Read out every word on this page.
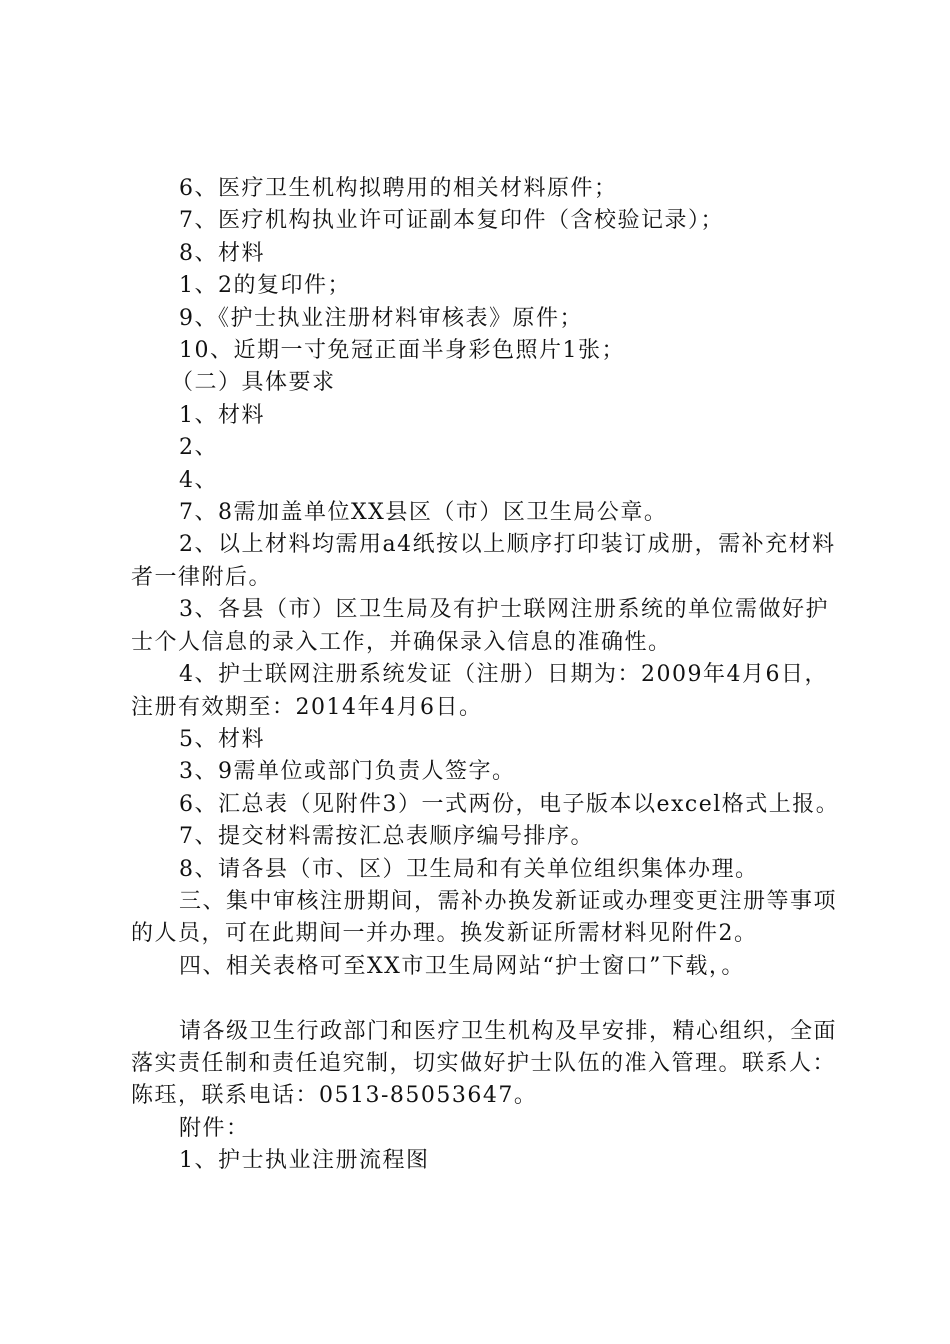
6、医疗卫生机构拟聘用的相关材料原件；

7、医疗机构执业许可证副本复印件（含校验记录）；

8、材料

1、2的复印件；

9、《护士执业注册材料审核表》原件；

10、近期一寸免冠正面半身彩色照片1张；

（二）具体要求

1、材料

2、

4、

7、8需加盖单位XX县区（市）区卫生局公章。

2、以上材料均需用a4纸按以上顺序打印装订成册，需补充材料者一律附后。

3、各县（市）区卫生局及有护士联网注册系统的单位需做好护士个人信息的录入工作，并确保录入信息的准确性。

4、护士联网注册系统发证（注册）日期为：2009年4月6日，注册有效期至：2014年4月6日。

5、材料

3、9需单位或部门负责人签字。

6、汇总表（见附件3）一式两份，电子版本以excel格式上报。

7、提交材料需按汇总表顺序编号排序。

8、请各县（市、区）卫生局和有关单位组织集体办理。

三、集中审核注册期间，需补办换发新证或办理变更注册等事项的人员，可在此期间一并办理。换发新证所需材料见附件2。

四、相关表格可至XX市卫生局网站“护士窗口”下载，。

请各级卫生行政部门和医疗卫生机构及早安排，精心组织，全面落实责任制和责任追究制，切实做好护士队伍的准入管理。联系人：陈珏，联系电话：0513-85053647。

附件：

1、护士执业注册流程图
